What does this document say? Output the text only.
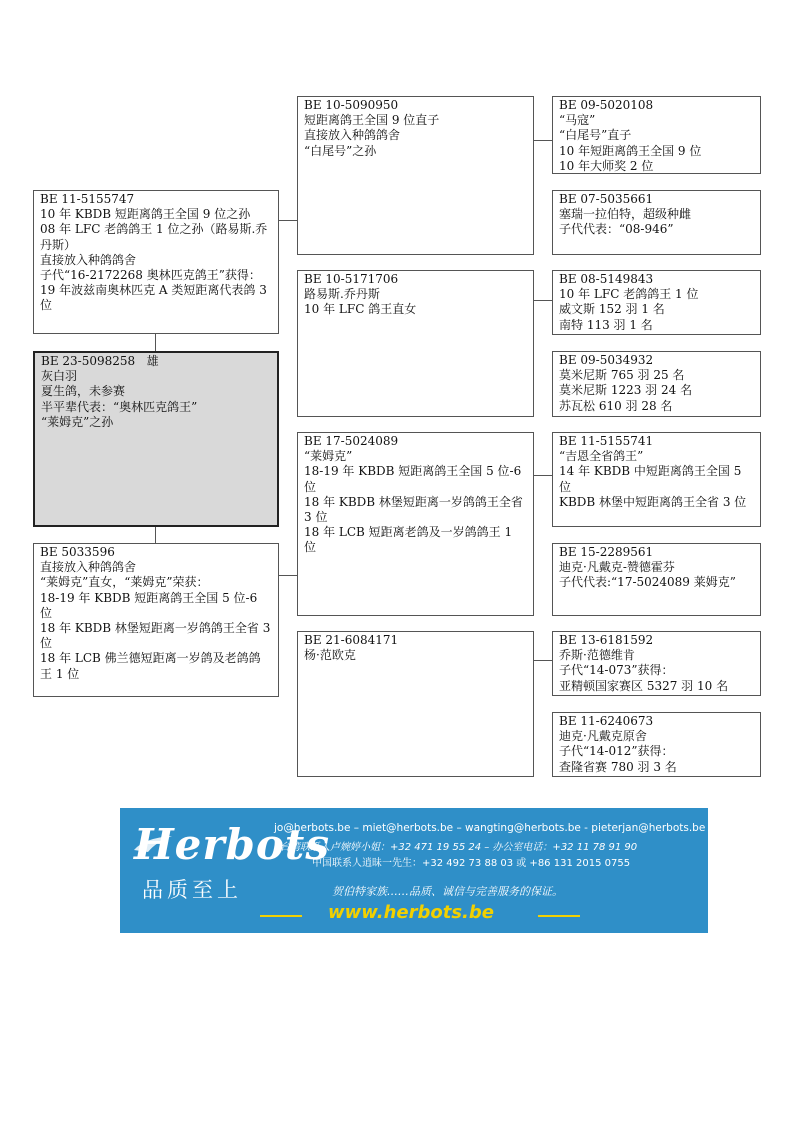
BE 11-5155747
10 年 KBDB 短距离鸽王全国 9 位之孙
08 年 LFC 老鸽鸽王 1 位之孙（路易斯.乔丹斯）
直接放入种鸽鸽舍
子代“16-2172268 奥林匹克鸽王”获得：
19 年波兹南奥林匹克 A 类短距离代表鸽 3 位
BE 23-5098258   雄
灰白羽
夏生鸽，未参赛
半平辈代表：“奥林匹克鸽王”
“莱姆克”之孙
BE 5033596
直接放入种鸽鸽舍
“莱姆克”直女，“莱姆克”荣获：
18-19 年 KBDB 短距离鸽王全国 5 位-6 位
18 年 KBDB 林堡短距离一岁鸽鸽王全省 3 位
18 年 LCB 佛兰德短距离一岁鸽及老鸽鸽王 1 位
BE 10-5090950
短距离鸽王全国 9 位直子
直接放入种鸽鸽舍
“白尾号”之孙
BE 10-5171706
路易斯.乔丹斯
10 年 LFC 鸽王直女
BE 17-5024089
“莱姆克”
18-19 年 KBDB 短距离鸽王全国 5 位-6 位
18 年 KBDB 林堡短距离一岁鸽鸽王全省 3 位
18 年 LCB 短距离老鸽及一岁鸽鸽王 1 位
BE 21-6084171
杨·范欧克
BE 09-5020108
“马寇”
“白尾号”直子
10 年短距离鸽王全国 9 位
10 年大师奖 2 位
BE 07-5035661
塞瑞一拉伯特，超级种雌
子代代表：“08-946”
BE 08-5149843
10 年 LFC 老鸽鸽王 1 位
威文斯 152 羽 1 名
南特 113 羽 1 名
BE 09-5034932
莫米尼斯 765 羽 25 名
莫米尼斯 1223 羽 24 名
苏瓦松 610 羽 28 名
BE 11-5155741
“吉恩全省鸽王”
14 年 KBDB 中短距离鸽王全国 5 位
KBDB 林堡中短距离鸽王全省 3 位
BE 15-2289561
迪克·凡戴克-赞德霍芬
子代代表:“17-5024089 莱姆克”
BE 13-6181592
乔斯·范德维肯
子代“14-073”获得：
亚精顿国家赛区 5327 羽 10 名
BE 11-6240673
迪克·凡戴克原舍
子代“14-012”获得：
查隆省赛 780 羽 3 名
Herbots
品质至上
jo@herbots.be – miet@herbots.be – wangting@herbots.be - pieterjan@herbots.be
台湾联系人卢婉婷小姐：+32 471 19 55 24 – 办公室电话：+32 11 78 91 90
中国联系人逍昧一先生：+32 492 73 88 03 或 +86 131 2015 0755
贺伯特家族……品质、诚信与完善服务的保证。
www.herbots.be
